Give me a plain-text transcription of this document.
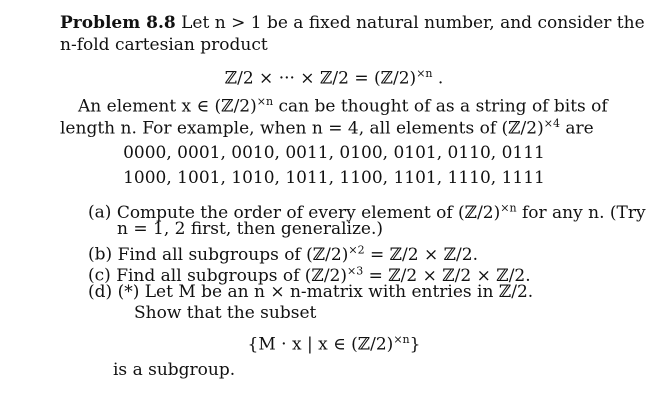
Problem 8.8 Let n > 1 be a fixed natural number, and consider the
n-fold cartesian product
ℤ/2 × ··· × ℤ/2 = (ℤ/2)$^{\times n}$ .
An element x ∈ (ℤ/2)$^{\times n}$ can be thought of as a string of bits of
length n. For example, when n = 4, all elements of (ℤ/2)$^{\times 4}$ are
0000, 0001, 0010, 0011, 0100, 0101, 0110, 0111
1000, 1001, 1010, 1011, 1100, 1101, 1110, 1111
(a) Compute the order of every element of (ℤ/2)$^{\times n}$ for any n. (Try
n = 1, 2 first, then generalize.)
(b) Find all subgroups of (ℤ/2)$^{\times 2}$ = ℤ/2 × ℤ/2.
(c) Find all subgroups of (ℤ/2)$^{\times 3}$ = ℤ/2 × ℤ/2 × ℤ/2.
(d) (*) Let M be an n × n-matrix with entries in ℤ/2.
Show that the subset
{M · x | x ∈ (ℤ/2)$^{\times n}$}
is a subgroup.
